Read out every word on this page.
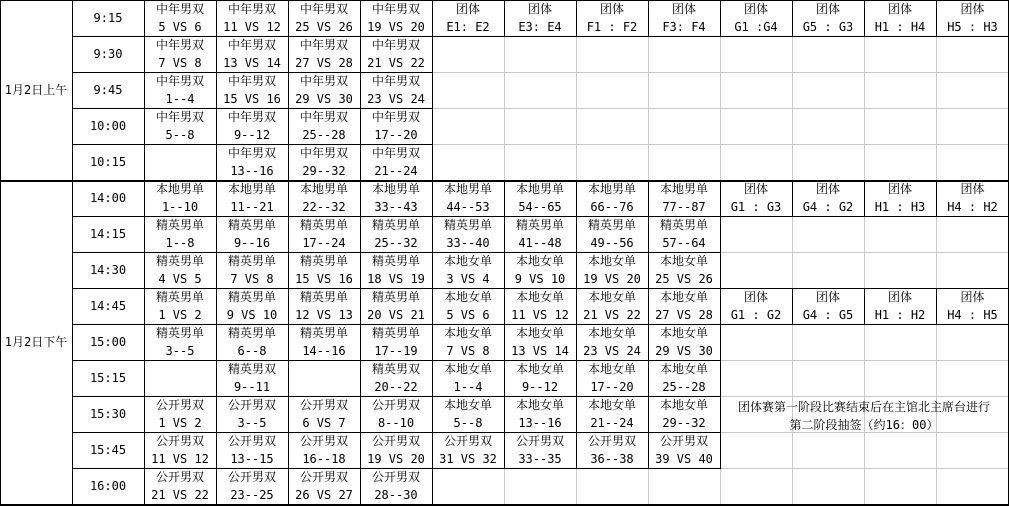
1月2日上午
9:15
中年男双
5 VS 6
中年男双
11 VS 12
中年男双
25 VS 26
中年男双
19 VS 20
团体
E1: E2
团体
E3: E4
团体
F1 : F2
团体
F3: F4
团体
G1 :G4
团体
G5 : G3
团体
H1 : H4
团体
H5 : H3
9:30
中年男双
7 VS 8
中年男双
13 VS 14
中年男双
27 VS 28
中年男双
21 VS 22
9:45
中年男双
1--4
中年男双
15 VS 16
中年男双
29 VS 30
中年男双
23 VS 24
10:00
中年男双
5--8
中年男双
9--12
中年男双
25--28
中年男双
17--20
10:15
中年男双
13--16
中年男双
29--32
中年男双
21--24
1月2日下午
14:00
本地男单
1--10
本地男单
11--21
本地男单
22--32
本地男单
33--43
本地男单
44--53
本地男单
54--65
本地男单
66--76
本地男单
77--87
团体
G1 : G3
团体
G4 : G2
团体
H1 : H3
团体
H4 : H2
14:15
精英男单
1--8
精英男单
9--16
精英男单
17--24
精英男单
25--32
精英男单
33--40
精英男单
41--48
精英男单
49--56
精英男单
57--64
14:30
精英男单
4 VS 5
精英男单
7 VS 8
精英男单
15 VS 16
精英男单
18 VS 19
本地女单
3 VS 4
本地女单
9 VS 10
本地女单
19 VS 20
本地女单
25 VS 26
14:45
精英男单
1 VS 2
精英男单
9 VS 10
精英男单
12 VS 13
精英男单
20 VS 21
本地女单
5 VS 6
本地女单
11 VS 12
本地女单
21 VS 22
本地女单
27 VS 28
团体
G1 : G2
团体
G4 : G5
团体
H1 : H2
团体
H4 : H5
15:00
精英男单
3--5
精英男单
6--8
精英男单
14--16
精英男单
17--19
本地女单
7 VS 8
本地女单
13 VS 14
本地女单
23 VS 24
本地女单
29 VS 30
15:15
精英男双
9--11
精英男双
20--22
本地女单
1--4
本地女单
9--12
本地女单
17--20
本地女单
25--28
15:30
公开男双
1 VS 2
公开男双
3--5
公开男双
6 VS 7
公开男双
8--10
本地女单
5--8
本地女单
13--16
本地女单
21--24
本地女单
29--32
15:45
公开男双
11 VS 12
公开男双
13--15
公开男双
16--18
公开男双
19 VS 20
公开男双
31 VS 32
公开男双
33--35
公开男双
36--38
公开男双
39 VS 40
16:00
公开男双
21 VS 22
公开男双
23--25
公开男双
26 VS 27
公开男双
28--30
团体赛第一阶段比赛结束后在主馆北主席台进行
第二阶段抽签（约16：00）
